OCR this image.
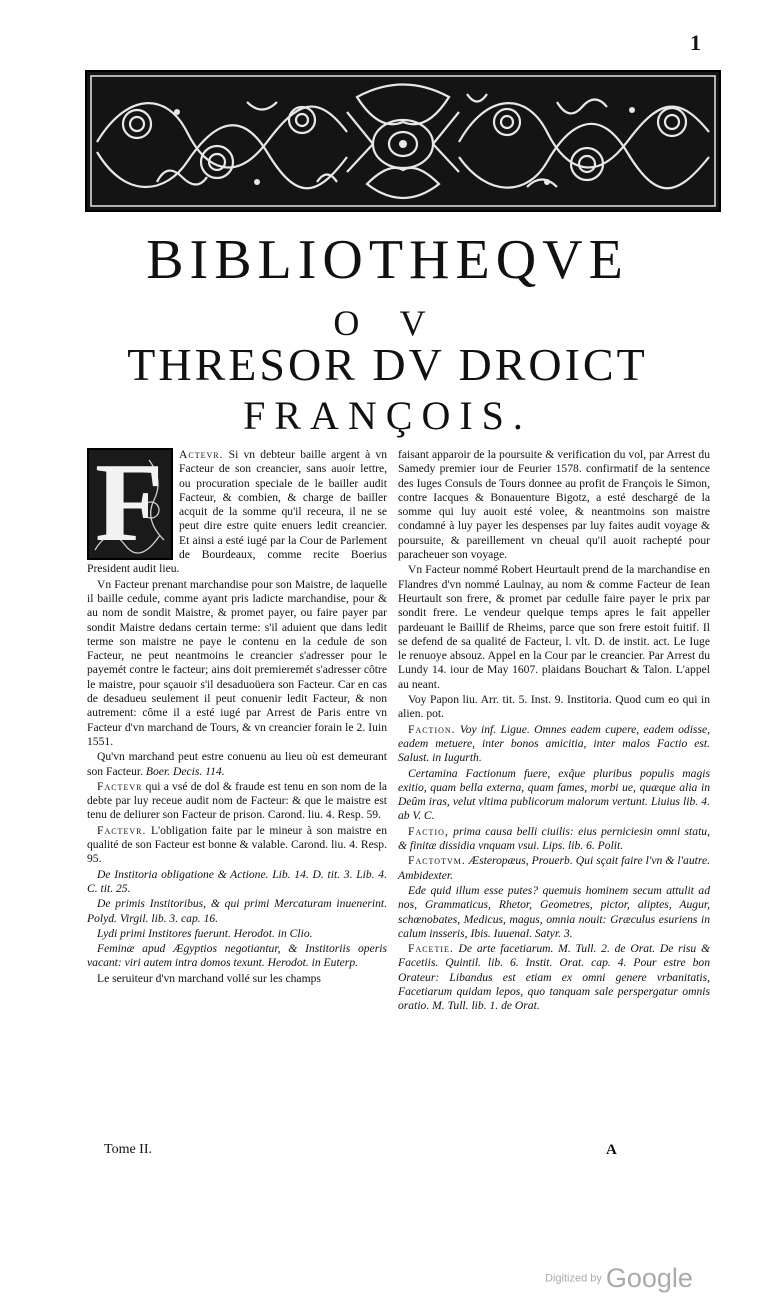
1
BIBLIOTHEQVE
O V
THRESOR DV DROICT
FRANÇOIS.
F	Actevr. Si vn debteur baille argent à vn Facteur de son creancier, sans auoir lettre, ou procuration speciale de le bailler audit Facteur, & combien, & charge de bailler acquit de la somme qu'il receura, il ne se peut dire estre quite enuers ledit creancier. Et ainsi a esté iugé par la Cour de Parlement de Bourdeaux, comme recite Boerius President audit lieu.

Vn Facteur prenant marchandise pour son Maistre, de laquelle il baille cedule, comme ayant pris ladicte marchandise, pour & au nom de sondit Maistre, & promet payer, ou faire payer par sondit Maistre dedans certain terme: s'il aduient que dans ledit terme son maistre ne paye le contenu en la cedule de son Facteur, ne peut neantmoins le creancier s'adresser pour le payemét contre le facteur; ains doit premieremét s'adresser côtre le maistre, pour sçauoir s'il desaduoüera son Facteur. Car en cas de desadueu seulement il peut conuenir ledit Facteur, & non autrement: côme il a esté iugé par Arrest de Paris entre vn Facteur d'vn marchand de Tours, & vn creancier forain le 2. Iuin 1551.

Qu'vn marchand peut estre conuenu au lieu où est demeurant son Facteur. Boer. Decis. 114.

Factevr qui a vsé de dol & fraude est tenu en son nom de la debte par luy receue audit nom de Facteur: & que le maistre est tenu de deliurer son Facteur de prison. Carond. liu. 4. Resp. 59.

Factevr. L'obligation faite par le mineur à son maistre en qualité de son Facteur est bonne & valable. Carond. liu. 4. Resp. 95.

De Institoria obligatione & Actione. Lib. 14. D. tit. 3. Lib. 4. C. tit. 25.

De primis Institoribus, & qui primi Mercaturam inuenerint. Polyd. Virgil. lib. 3. cap. 16.

Lydi primi Institores fuerunt. Herodot. in Clio.

Feminæ apud Ægyptios negotiantur, & Institoriis operis vacant: viri autem intra domos texunt. Herodot. in Euterp.

Le seruiteur d'vn marchand vollé sur les champs

faisant apparoir de la poursuite & verification du vol, par Arrest du Samedy premier iour de Feurier 1578. confirmatif de la sentence des Iuges Consuls de Tours donnee au profit de François le Simon, contre Iacques & Bonauenture Bigotz, a esté deschargé de la somme qui luy auoit esté volee, & neantmoins son maistre condamné à luy payer les despenses par luy faites audit voyage & poursuite, & pareillement vn cheual qu'il auoit rachepté pour paracheuer son voyage.

Vn Facteur nommé Robert Heurtault prend de la marchandise en Flandres d'vn nommé Laulnay, au nom & comme Facteur de Iean Heurtault son frere, & promet par cedulle faire payer le prix par sondit frere. Le vendeur quelque temps apres le fait appeller pardeuant le Baillif de Rheims, parce que son frere estoit fuitif. Il se defend de sa qualité de Facteur, l. vlt. D. de instit. act. Le Iuge le renuoye absouz. Appel en la Cour par le creancier. Par Arrest du Lundy 14. iour de May 1607. plaidans Bouchart & Talon. L'appel au neant.

Voy Papon liu. Arr. tit. 5. Inst. 9. Institoria. Quod cum eo qui in alien. pot.

Faction. Voy inf. Ligue. Omnes eadem cupere, eadem odisse, eadem metuere, inter bonos amicitia, inter malos Factio est. Salust. in Iugurth.

Certamina Factionum fuere, exq̃ue pluribus populis magis exitio, quam bella externa, quam fames, morbi ue, quæque alia in Deûm iras, velut vltima publicorum malorum vertunt. Liuius lib. 4. ab V. C.

Factio, prima causa belli ciuilis: eius perniciesin omni statu, & finitæ dissidia vnquam vsui. Lips. lib. 6. Polit.

Factotvm. Æsteropæus, Prouerb. Qui sçait faire l'vn & l'autre. Ambidexter.

Ede quid illum esse putes? quemuis hominem secum attulit ad nos, Grammaticus, Rhetor, Geometres, pictor, aliptes, Augur, schœnobates, Medicus, magus, omnia nouit: Græculus esuriens in calum insseris, Ibis. Iuuenal. Satyr. 3.

Facetie. De arte facetiarum. M. Tull. 2. de Orat. De risu & Facetiis. Quintil. lib. 6. Instit. Orat. cap. 4. Pour estre bon Orateur: Libandus est etiam ex omni genere vrbanitatis, Facetiarum quidam lepos, quo tanquam sale perspergatur omnis oratio. M. Tull. lib. 1. de Orat.

Tome II.	A
Digitized by Google
